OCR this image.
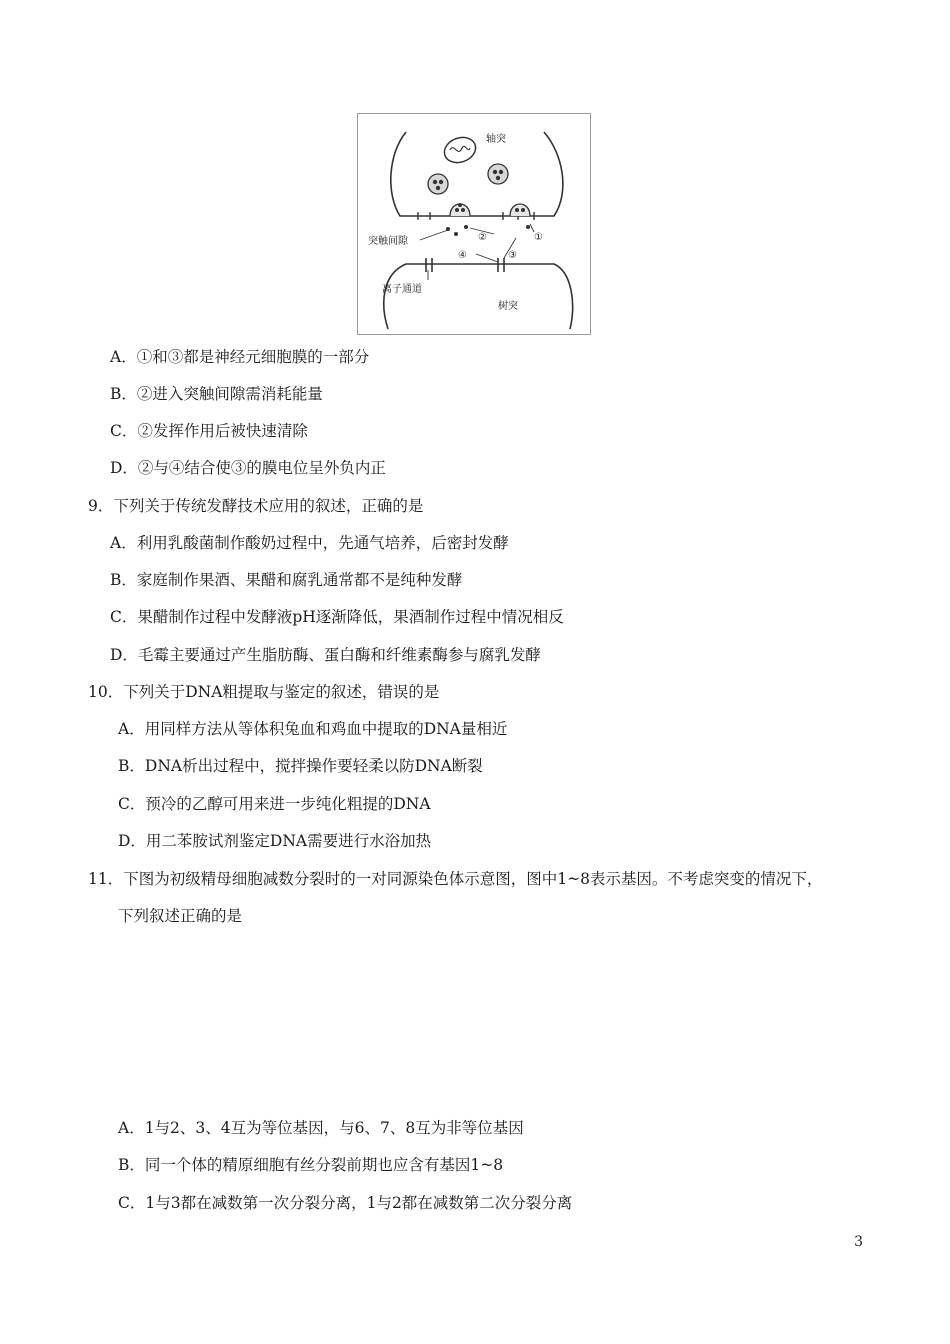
轴突
突触间隙
离子通道
树突
①
②
③
④
A．①和③都是神经元细胞膜的一部分
B．②进入突触间隙需消耗能量
C．②发挥作用后被快速清除
D．②与④结合使③的膜电位呈外负内正
9．下列关于传统发酵技术应用的叙述，正确的是
A．利用乳酸菌制作酸奶过程中，先通气培养，后密封发酵
B．家庭制作果酒、果醋和腐乳通常都不是纯种发酵
C．果醋制作过程中发酵液pH逐渐降低，果酒制作过程中情况相反
D．毛霉主要通过产生脂肪酶、蛋白酶和纤维素酶参与腐乳发酵
10．下列关于DNA粗提取与鉴定的叙述，错误的是
A．用同样方法从等体积兔血和鸡血中提取的DNA量相近
B．DNA析出过程中，搅拌操作要轻柔以防DNA断裂
C．预冷的乙醇可用来进一步纯化粗提的DNA
D．用二苯胺试剂鉴定DNA需要进行水浴加热
11．下图为初级精母细胞减数分裂时的一对同源染色体示意图，图中1~8表示基因。不考虑突变的情况下，
下列叙述正确的是
A．1与2、3、4互为等位基因，与6、7、8互为非等位基因
B．同一个体的精原细胞有丝分裂前期也应含有基因1~8
C．1与3都在减数第一次分裂分离，1与2都在减数第二次分裂分离
3
